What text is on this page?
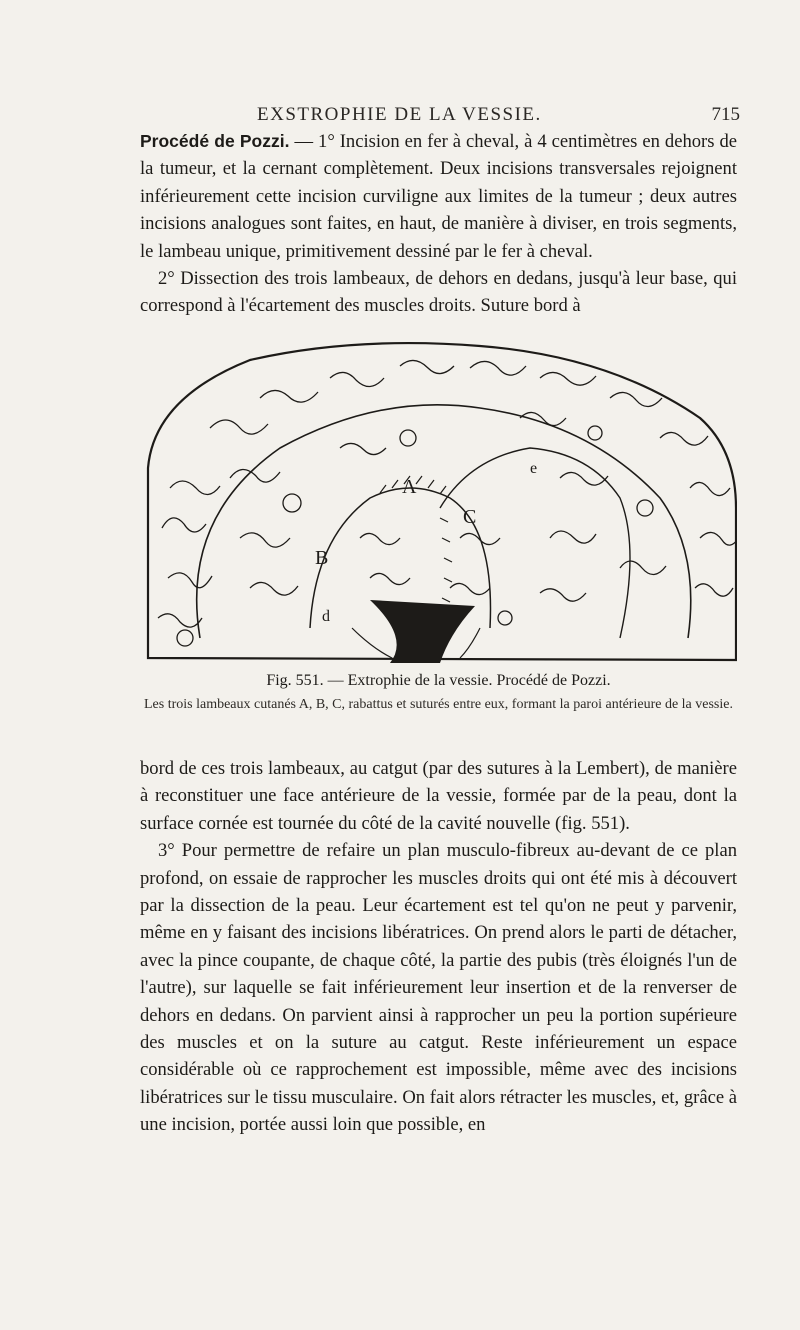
EXSTROPHIE DE LA VESSIE.	715

Procédé de Pozzi. — 1° Incision en fer à cheval, à 4 centimètres en dehors de la tumeur, et la cernant complètement. Deux incisions transversales rejoignent inférieurement cette incision curviligne aux limites de la tumeur ; deux autres incisions analogues sont faites, en haut, de manière à diviser, en trois segments, le lambeau unique, primitivement dessiné par le fer à cheval.

2° Dissection des trois lambeaux, de dehors en dedans, jusqu'à leur base, qui correspond à l'écartement des muscles droits. Suture bord à

A
B
C
d
e
Fig. 551. — Extrophie de la vessie. Procédé de Pozzi.
Les trois lambeaux cutanés A, B, C, rabattus et suturés entre eux, formant la paroi antérieure de la vessie.

bord de ces trois lambeaux, au catgut (par des sutures à la Lembert), de manière à reconstituer une face antérieure de la vessie, formée par de la peau, dont la surface cornée est tournée du côté de la cavité nouvelle (fig. 551).

3° Pour permettre de refaire un plan musculo-fibreux au-devant de ce plan profond, on essaie de rapprocher les muscles droits qui ont été mis à découvert par la dissection de la peau. Leur écartement est tel qu'on ne peut y parvenir, même en y faisant des incisions libératrices. On prend alors le parti de détacher, avec la pince coupante, de chaque côté, la partie des pubis (très éloignés l'un de l'autre), sur laquelle se fait inférieurement leur insertion et de la renverser de dehors en dedans. On parvient ainsi à rapprocher un peu la portion supérieure des muscles et on la suture au catgut. Reste inférieurement un espace considérable où ce rapprochement est impossible, même avec des incisions libératrices sur le tissu musculaire. On fait alors rétracter les muscles, et, grâce à une incision, portée aussi loin que possible, en
